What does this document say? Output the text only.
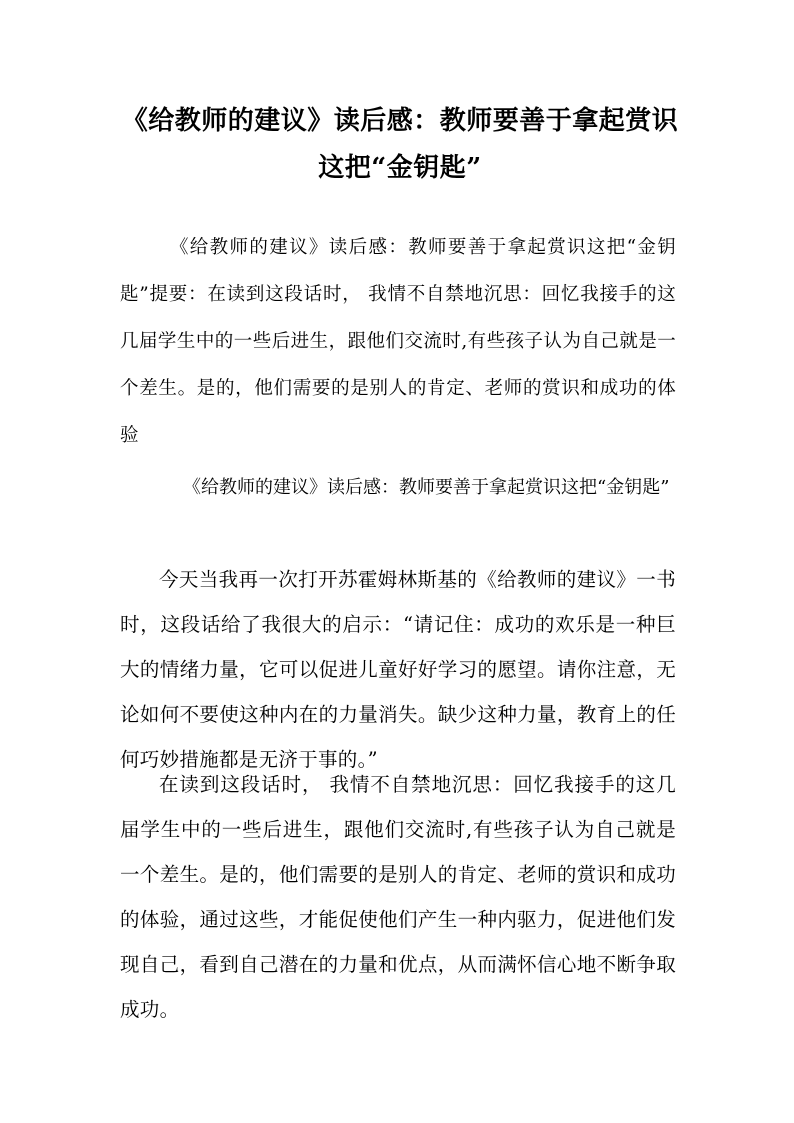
《给教师的建议》读后感：教师要善于拿起赏识这把“金钥匙”

《给教师的建议》读后感：教师要善于拿起赏识这把“金钥匙”提要：在读到这段话时， 我情不自禁地沉思：回忆我接手的这几届学生中的一些后进生，跟他们交流时,有些孩子认为自己就是一个差生。是的，他们需要的是别人的肯定、老师的赏识和成功的体验

《给教师的建议》读后感：教师要善于拿起赏识这把“金钥匙”

今天当我再一次打开苏霍姆林斯基的《给教师的建议》一书时，这段话给了我很大的启示：“请记住：成功的欢乐是一种巨大的情绪力量，它可以促进儿童好好学习的愿望。请你注意，无论如何不要使这种内在的力量消失。缺少这种力量，教育上的任何巧妙措施都是无济于事的。”

在读到这段话时， 我情不自禁地沉思：回忆我接手的这几届学生中的一些后进生，跟他们交流时,有些孩子认为自己就是一个差生。是的，他们需要的是别人的肯定、老师的赏识和成功的体验，通过这些，才能促使他们产生一种内驱力，促进他们发现自己，看到自己潜在的力量和优点，从而满怀信心地不断争取成功。
